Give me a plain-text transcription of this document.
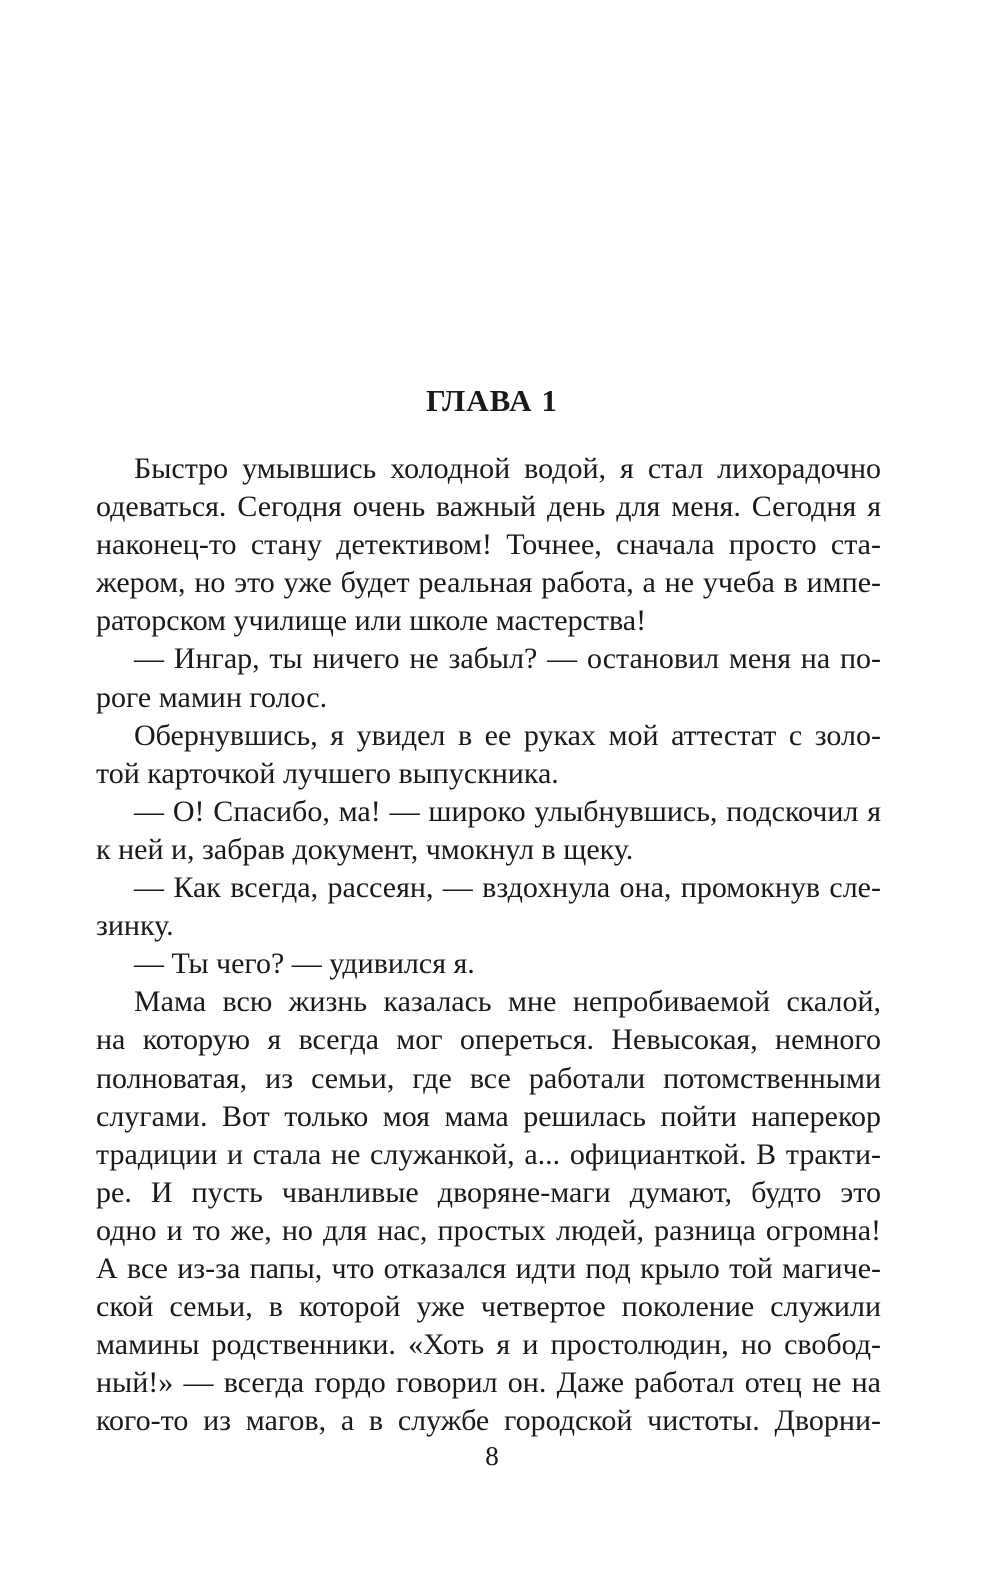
ГЛАВА 1
Быстро умывшись холодной водой, я стал лихорадочно
одеваться. Сегодня очень важный день для меня. Сегодня я
наконец-то стану детективом! Точнее, сначала просто ста-
жером, но это уже будет реальная работа, а не учеба в импе-
раторском училище или школе мастерства!
— Ингар, ты ничего не забыл? — остановил меня на по-
роге мамин голос.
Обернувшись, я увидел в ее руках мой аттестат с золо-
той карточкой лучшего выпускника.
— О! Спасибо, ма! — широко улыбнувшись, подскочил я
к ней и, забрав документ, чмокнул в щеку.
— Как всегда, рассеян, — вздохнула она, промокнув сле-
зинку.
— Ты чего? — удивился я.
Мама всю жизнь казалась мне непробиваемой скалой,
на которую я всегда мог опереться. Невысокая, немного
полноватая, из семьи, где все работали потомственными
слугами. Вот только моя мама решилась пойти наперекор
традиции и стала не служанкой, а... официанткой. В тракти-
ре. И пусть чванливые дворяне-маги думают, будто это
одно и то же, но для нас, простых людей, разница огромна!
А все из-за папы, что отказался идти под крыло той магиче-
ской семьи, в которой уже четвертое поколение служили
мамины родственники. «Хоть я и простолюдин, но свобод-
ный!» — всегда гордо говорил он. Даже работал отец не на
кого-то из магов, а в службе городской чистоты. Дворни-

8
